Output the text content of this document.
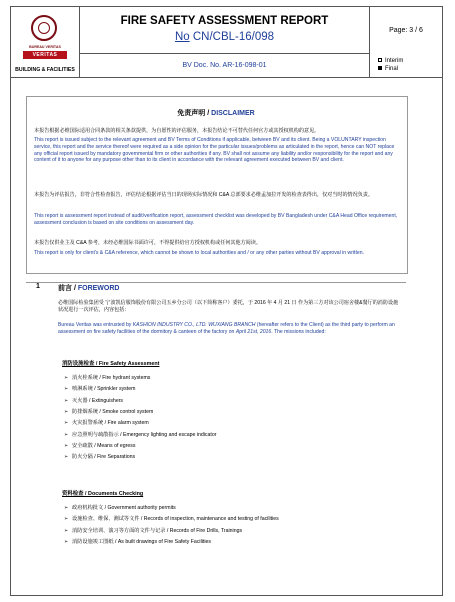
BUREAU VERITAS
VERITAS
BUILDING & FACILITIES
FIRE SAFETY ASSESSMENT REPORT
No CN/CBL-16/098
Page: 3 / 6
BV Doc. No. AR-16-098-01
Interim
Final
免责声明 / DISCLAIMER
本报告根据必维国际适用合同条款的相关条款提供，为自愿性的评估服务，本报告结论不可替代任何官方或其授权机构的意见。
This report is issued subject to the relevant agreement and BV Terms of Conditions if applicable, between BV and its client. Being a VOLUNTARY inspection service, this report and the service thereof were required as a side opinion for the particular issues/problems as articulated in the report, hence can NOT replace any official report issued by mandatory governmental firm or other authorities if any. BV shall not assume any liability and/or responsibility for the report and any content of it to anyone for any purpose other than to its client in accordance with the relevant agreement executed between BV and client.
本报告为评估报告，非符合性检查报告，评估结论根据评估当日的现场实际情况和 C&A 总部要求必维孟加拉开发的检查表得出，仅对当时的情况负责。
This report is assessment report instead of audit/verification report, assessment checklist was developed by BV Bangladesh under C&A Head Office requirement, assessment conclusion is based on site conditions on assessment day.
本报告仅供业主及 C&A 参考，未经必维国际书面许可，不得提供给官方授权机构或任何其他方阅读。
This report is only for client's & C&A reference, which cannot be shown to local authorities and / or any other parties without BV approval in written.
1	前言 / FOREWORD
必维国际检验集团受 宁波凯信服饰股份有限公司五乡分公司（以下简称客户）委托，于 2016 年 4 月 21 日 作为第三方对该公司宿舍楼&餐厅的消防设施状况进行一次评估，内容包括：
Bureau Veritas was entrusted by KASHION INDUSTRY CO., LTD. WUXIANG BRANCH (hereafter refers to the Client) as the third party to perform an assessment on fire safety facilities of the dormitory & canteen of the factory on April 21st, 2016. The missions included:
消防设施检查 / Fire Safety Assessment
➢ 消火栓系统 / Fire hydrant systems
➢ 喷淋系统 / Sprinkler system
➢ 灭火器 / Extinguishers
➢ 防排烟系统 / Smoke control system
➢ 火灾报警系统 / Fire alarm system
➢ 应急照明与疏散指示 / Emergency lighting and escape indicator
➢ 安全疏散 / Means of egress
➢ 防火分隔 / Fire Separations
资料检查 / Documents Checking
➢ 政府机构批文 / Government authority permits
➢ 设施检查、维保、测试等文件 / Records of inspection, maintenance and testing of facilities
➢ 消防安全培训、演习等方面的文件与记录 / Records of Fire Drills, Trainings
➢ 消防设施竣工图纸 / As built drawings of Fire Safety Facilities
